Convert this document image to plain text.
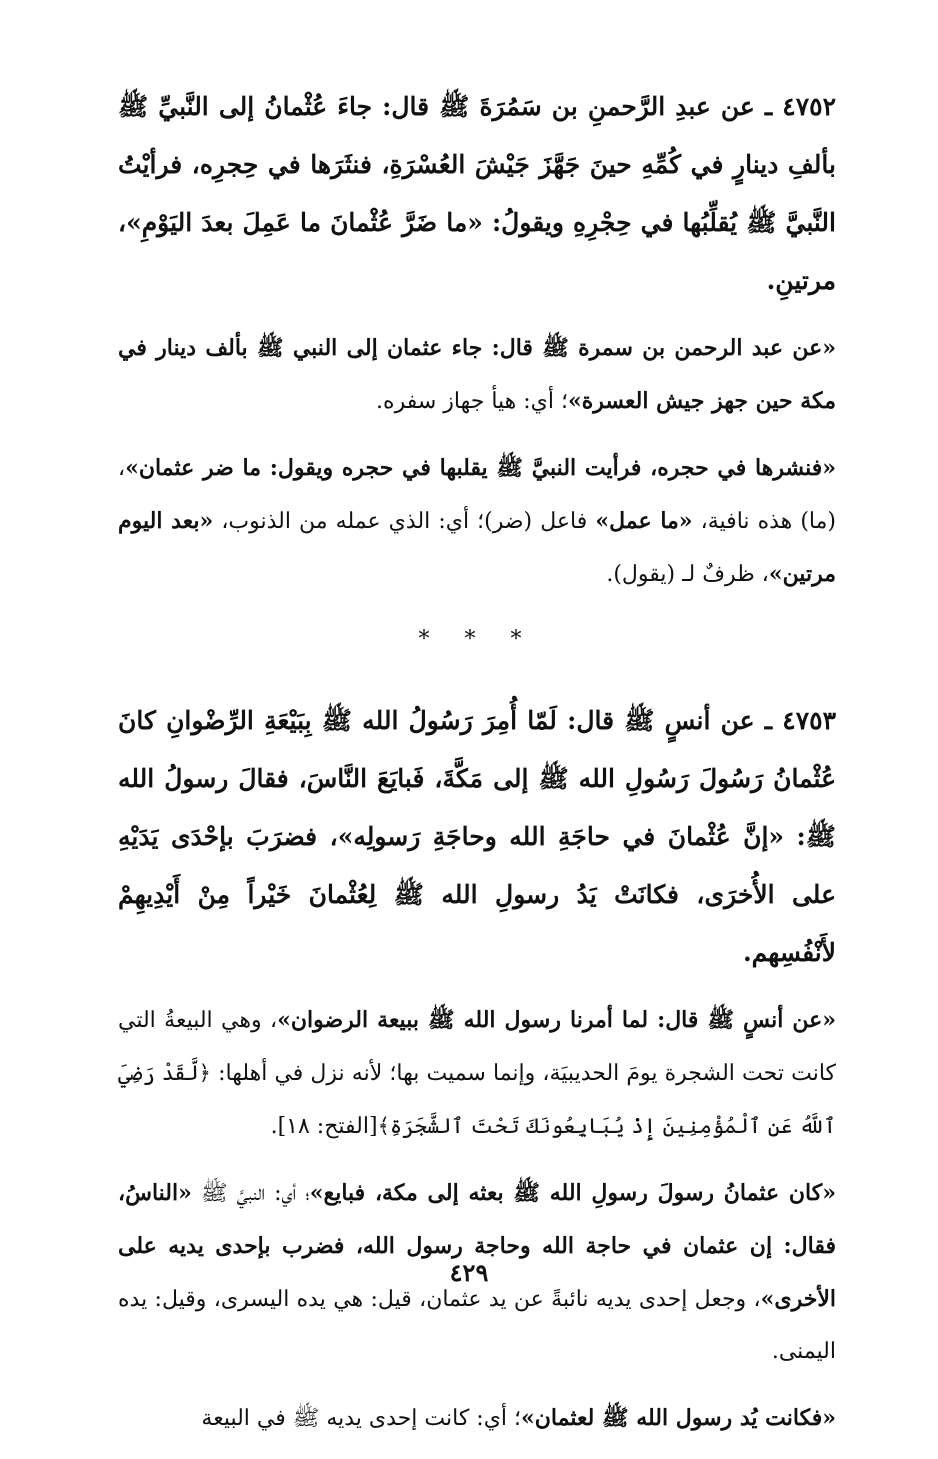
٤٧٥٢ ـ عن عبدِ الرَّحمنِ بن سَمُرَةَ ﷺ قال: جاءَ عُثْمانُ إلى النَّبيِّ ﷺ بألفِ دينارٍ في كُمِّهِ حينَ جَهَّزَ جَيْشَ العُسْرَةِ، فنثَرَها في حِجرِه، فرأيْتُ النَّبيَّ ﷺ يُقلِّبُها في حِجْرِهِ ويقولُ: «ما ضَرَّ عُثْمانَ ما عَمِلَ بعدَ اليَوْمِ»، مرتينِ.

«عن عبد الرحمن بن سمرة ﷺ قال: جاء عثمان إلى النبي ﷺ بألف دينار في مكة حين جهز جيش العسرة»؛ أي: هيأ جهاز سفره.

«فنشرها في حجره، فرأيت النبيَّ ﷺ يقلبها في حجره ويقول: ما ضر عثمان»، (ما) هذه نافية، «ما عمل» فاعل (ضر)؛ أي: الذي عمله من الذنوب، «بعد اليوم مرتين»، ظرفٌ لـ (يقول).

* * *

٤٧٥٣ ـ عن أنسٍ ﷺ قال: لَمّا أُمِرَ رَسُولُ الله ﷺ بِبَيْعَةِ الرِّضْوانِ كانَ عُثْمانُ رَسُولَ رَسُولِ الله ﷺ إلى مَكَّةَ، فَبايَعَ النَّاسَ، فقالَ رسولُ الله ﷺ: «إنَّ عُثْمانَ في حاجَةِ الله وحاجَةِ رَسولِه»، فضرَبَ بإحْدَى يَدَيْهِ على الأُخرَى، فكانَتْ يَدُ رسولِ الله ﷺ لِعُثْمانَ خَيْراً مِنْ أَيْدِيهِمْ لأَنْفُسِهم.

«عن أنسٍ ﷺ قال: لما أمرنا رسول الله ﷺ ببيعة الرضوان»، وهي البيعةُ التي كانت تحت الشجرة يومَ الحديبيَة، وإنما سميت بها؛ لأنه نزل في أهلها: ﴿لَّقَدْ رَضِيَ ٱللَّهُ عَنِ ٱلْمُؤْمِنِينَ إِذْ يُبَايِعُونَكَ تَحْتَ ٱلشَّجَرَةِ﴾[الفتح: ١٨].

«كان عثمانُ رسولَ رسولِ الله ﷺ بعثه إلى مكة، فبايع»؛ أي: النبيَّ ﷺ «الناسُ، فقال: إن عثمان في حاجة الله وحاجة رسول الله، فضرب بإحدى يديه على الأخرى»، وجعل إحدى يديه نائبةً عن يد عثمان، قيل: هي يده اليسرى، وقيل: يده اليمنى.

«فكانت يُد رسول الله ﷺ لعثمان»؛ أي: كانت إحدى يديه ﷺ في البيعة

٤٢٩
